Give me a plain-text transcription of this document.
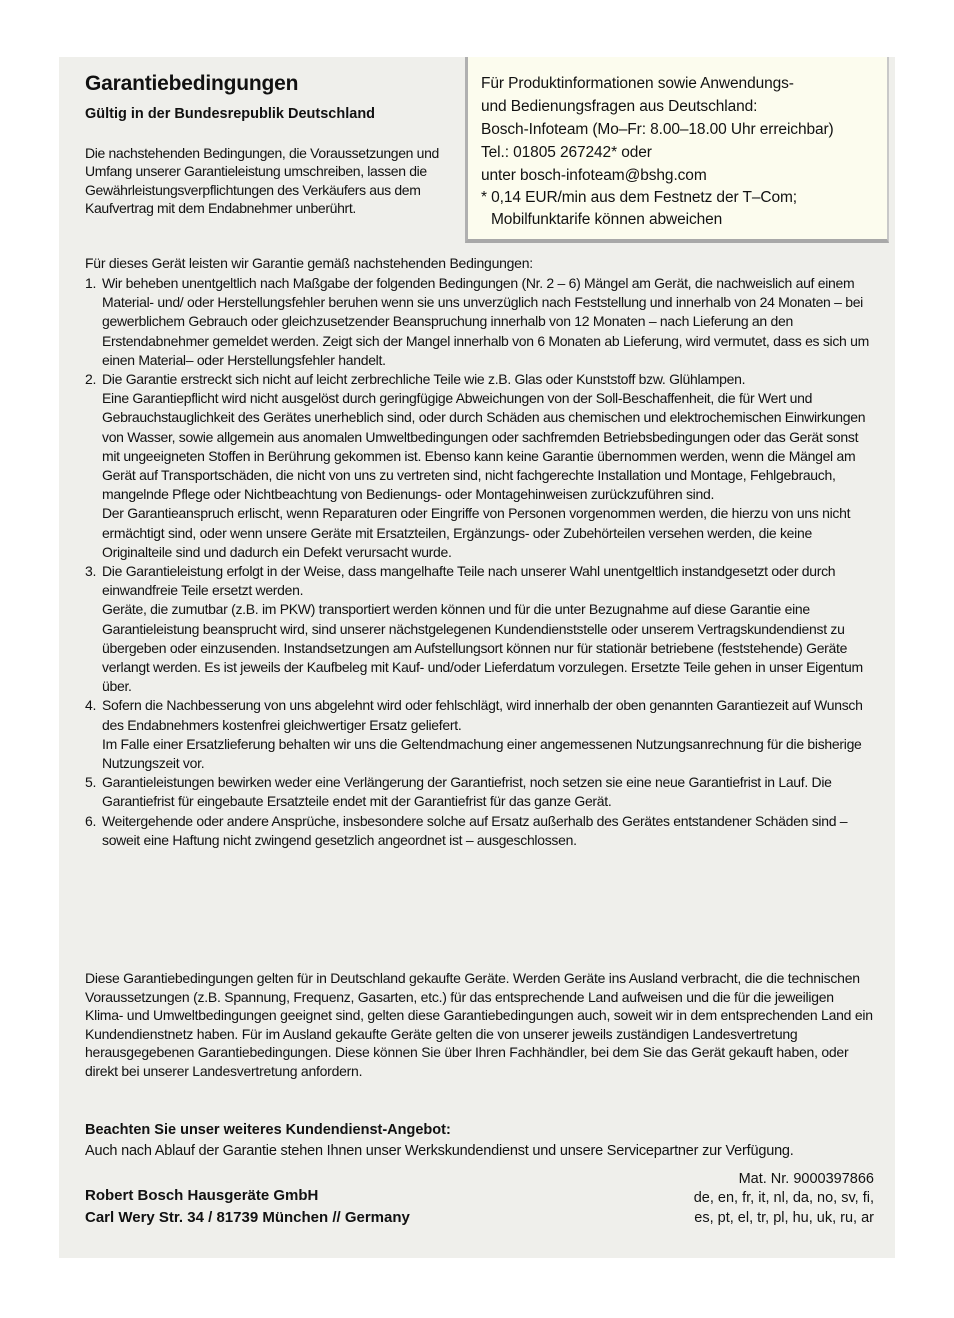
Garantiebedingungen
Gültig in der Bundesrepublik Deutschland

Die nachstehenden Bedingungen, die Voraussetzungen und Umfang unserer Garantieleistung umschreiben, lassen die Gewährleistungsverpflichtungen des Verkäufers aus dem Kaufvertrag mit dem Endabnehmer unberührt.

Für Produktinformationen sowie Anwendungs-

und Bedienungsfragen aus Deutschland:

Bosch-Infoteam (Mo–Fr: 8.00–18.00 Uhr erreichbar)

Tel.: 01805 267242* oder

unter bosch-infoteam@bshg.com

* 0,14 EUR/min aus dem Festnetz der T–Com;

Mobilfunktarife können abweichen

Für dieses Gerät leisten wir Garantie gemäß nachstehenden Bedingungen:

1. Wir beheben unentgeltlich nach Maßgabe der folgenden Bedingungen (Nr. 2 – 6) Mängel am Gerät, die nachweislich auf einem Material- und/ oder Herstellungsfehler beruhen wenn sie uns unverzüglich nach Feststellung und innerhalb von 24 Monaten – bei gewerblichem Gebrauch oder gleichzusetzender Beanspruchung innerhalb von 12 Monaten – nach Lieferung an den Erstendabnehmer gemeldet werden. Zeigt sich der Mangel innerhalb von 6 Monaten ab Lieferung, wird vermutet, dass es sich um einen Material– oder Herstellungsfehler handelt.

2. Die Garantie erstreckt sich nicht auf leicht zerbrechliche Teile wie z.B. Glas oder Kunststoff bzw. Glühlampen.

Eine Garantiepflicht wird nicht ausgelöst durch geringfügige Abweichungen von der Soll-Beschaffenheit, die für Wert und Gebrauchstauglichkeit des Gerätes unerheblich sind, oder durch Schäden aus chemischen und elektrochemischen Einwirkungen von Wasser, sowie allgemein aus anomalen Umweltbedingungen oder sachfremden Betriebsbedingungen oder das Gerät sonst mit ungeeigneten Stoffen in Berührung gekommen ist. Ebenso kann keine Garantie übernommen werden, wenn die Mängel am Gerät auf Transportschäden, die nicht von uns zu vertreten sind, nicht fachgerechte Installation und Montage, Fehlgebrauch, mangelnde Pflege oder Nichtbeachtung von Bedienungs- oder Montagehinweisen zurückzuführen sind.

Der Garantieanspruch erlischt, wenn Reparaturen oder Eingriffe von Personen vorgenommen werden, die hierzu von uns nicht ermächtigt sind, oder wenn unsere Geräte mit Ersatzteilen, Ergänzungs- oder Zubehörteilen versehen werden, die keine Originalteile sind und dadurch ein Defekt verursacht wurde.

3. Die Garantieleistung erfolgt in der Weise, dass mangelhafte Teile nach unserer Wahl unentgeltlich instandgesetzt oder durch einwandfreie Teile ersetzt werden.

Geräte, die zumutbar (z.B. im PKW) transportiert werden können und für die unter Bezugnahme auf diese Garantie eine Garantieleistung beansprucht wird, sind unserer nächstgelegenen Kundendienststelle oder unserem Vertragskundendienst zu übergeben oder einzusenden. Instandsetzungen am Aufstellungsort können nur für stationär betriebene (feststehende) Geräte verlangt werden. Es ist jeweils der Kaufbeleg mit Kauf- und/oder Lieferdatum vorzulegen. Ersetzte Teile gehen in unser Eigentum über.

4. Sofern die Nachbesserung von uns abgelehnt wird oder fehlschlägt, wird innerhalb der oben genannten Garantiezeit auf Wunsch des Endabnehmers kostenfrei gleichwertiger Ersatz geliefert.

Im Falle einer Ersatzlieferung behalten wir uns die Geltendmachung einer angemessenen Nutzungsanrechnung für die bisherige Nutzungszeit vor.

5. Garantieleistungen bewirken weder eine Verlängerung der Garantiefrist, noch setzen sie eine neue Garantiefrist in Lauf. Die Garantiefrist für eingebaute Ersatzteile endet mit der Garantiefrist für das ganze Gerät.

6. Weitergehende oder andere Ansprüche, insbesondere solche auf Ersatz außerhalb des Gerätes entstandener Schäden sind – soweit eine Haftung nicht zwingend gesetzlich angeordnet ist – ausgeschlossen.

Diese Garantiebedingungen gelten für in Deutschland gekaufte Geräte. Werden Geräte ins Ausland verbracht, die die technischen Voraussetzungen (z.B. Spannung, Frequenz, Gasarten, etc.) für das entsprechende Land aufweisen und die für die jeweiligen Klima- und Umweltbedingungen geeignet sind, gelten diese Garantiebedingungen auch, soweit wir in dem entsprechenden Land ein Kundendienstnetz haben. Für im Ausland gekaufte Geräte gelten die von unserer jeweils zuständigen Landesvertretung herausgegebenen Garantiebedingungen. Diese können Sie über Ihren Fachhändler, bei dem Sie das Gerät gekauft haben, oder direkt bei unserer Landesvertretung anfordern.

Beachten Sie unser weiteres Kundendienst-Angebot:

Auch nach Ablauf der Garantie stehen Ihnen unser Werkskundendienst und unsere Servicepartner zur Verfügung.

Robert Bosch Hausgeräte GmbH

Carl Wery Str. 34 / 81739 München // Germany

Mat. Nr. 9000397866

de, en, fr, it, nl, da, no, sv, fi,

es, pt, el, tr, pl, hu, uk, ru, ar
